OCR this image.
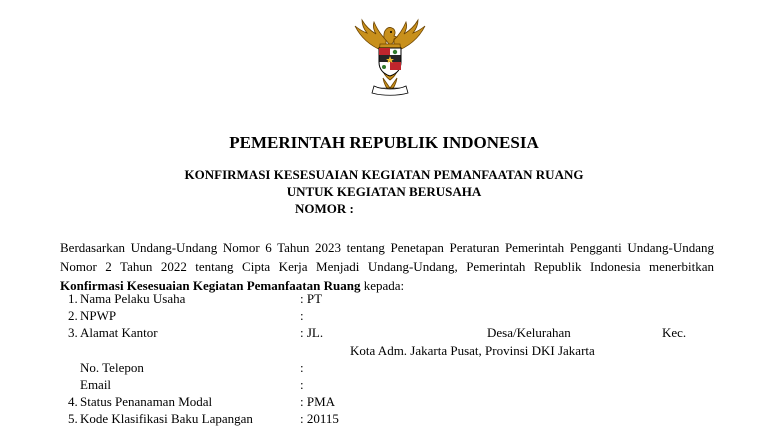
PEMERINTAH REPUBLIK INDONESIA
KONFIRMASI KESESUAIAN KEGIATAN PEMANFAATAN RUANG
UNTUK KEGIATAN BERUSAHA
NOMOR :
Berdasarkan Undang-Undang Nomor 6 Tahun 2023 tentang Penetapan Peraturan Pemerintah Pengganti Undang-Undang Nomor 2 Tahun 2022 tentang Cipta Kerja Menjadi Undang-Undang, Pemerintah Republik Indonesia menerbitkan Konfirmasi Kesesuaian Kegiatan Pemanfaatan Ruang kepada:
1. Nama Pelaku Usaha	: PT
2. NPWP	:
3. Alamat Kantor	: JL.	Desa/Kelurahan	Kec.
Kota Adm. Jakarta Pusat, Provinsi DKI Jakarta
No. Telepon	:
Email	:
4. Status Penanaman Modal	: PMA
5. Kode Klasifikasi Baku Lapangan	: 20115
